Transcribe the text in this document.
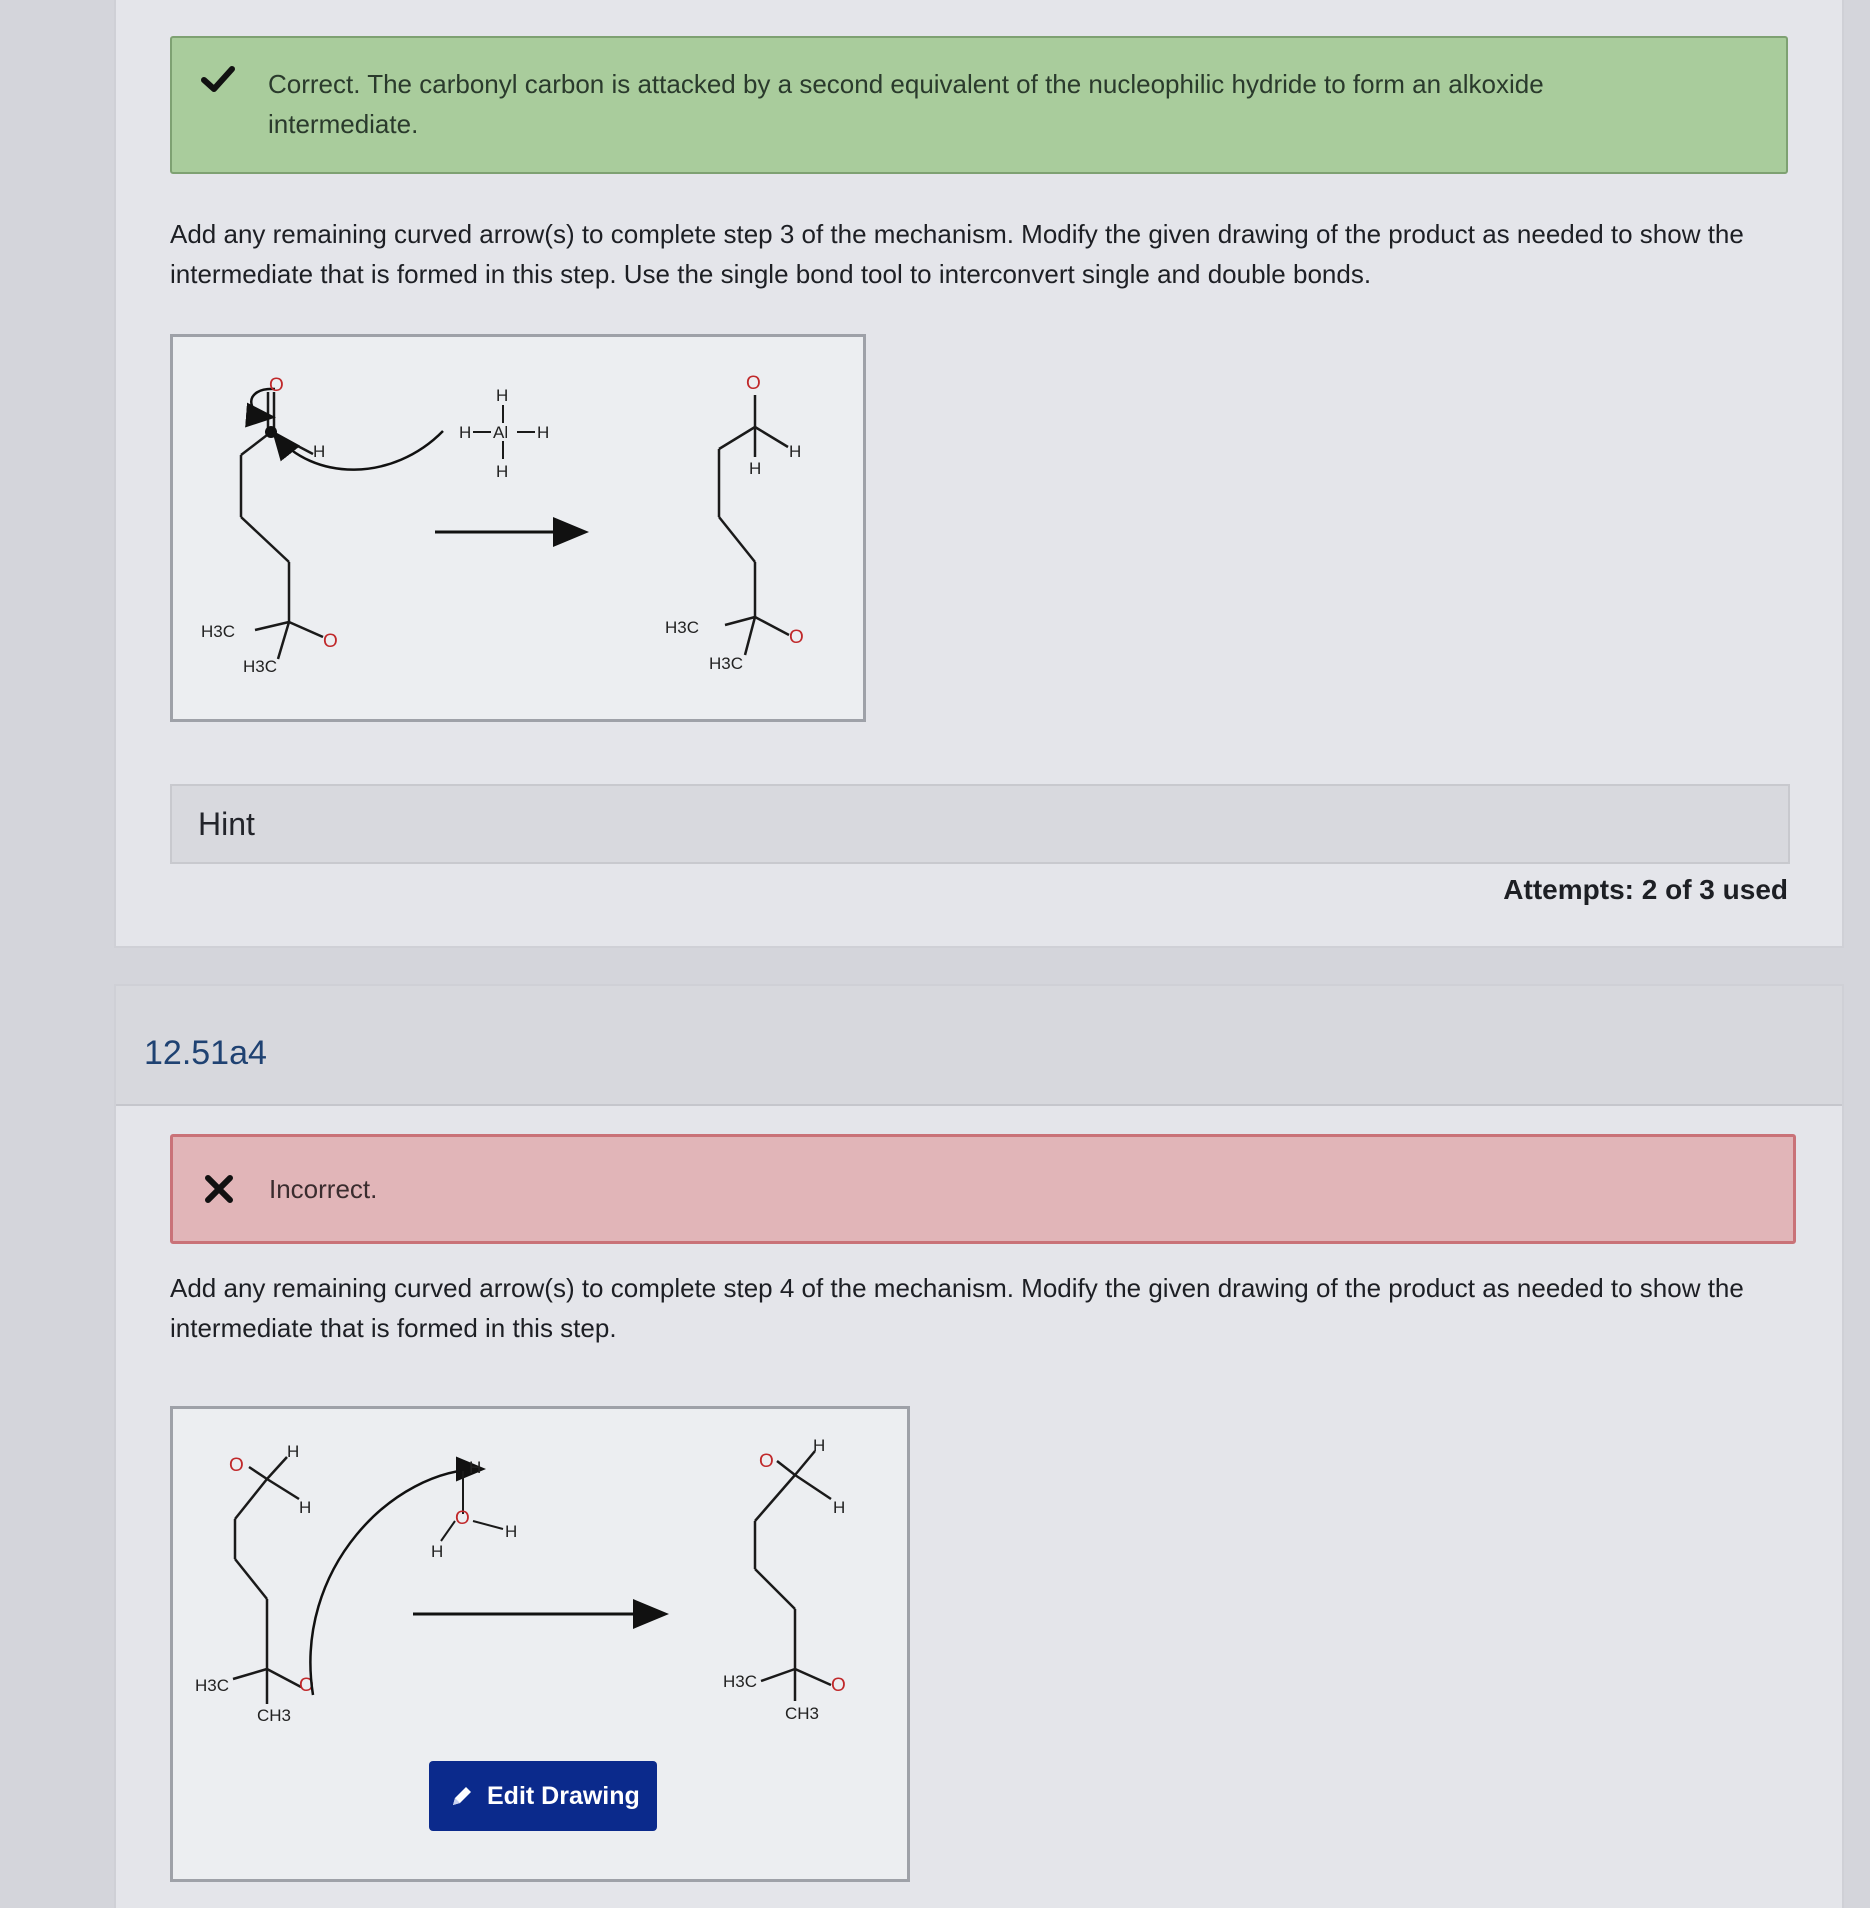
Correct. The carbonyl carbon is attacked by a second equivalent of the nucleophilic hydride to form an alkoxide intermediate.
Add any remaining curved arrow(s) to complete step 3 of the mechanism. Modify the given drawing of the product as needed to show the intermediate that is formed in this step. Use the single bond tool to interconvert single and double bonds.
O
H
H3C
H3C
O
H
Al
H	H
H
O
H
H
H3C
H3C
O
Hint
Attempts: 2 of 3 used
12.51a4
Incorrect.
Add any remaining curved arrow(s) to complete step 4 of the mechanism. Modify the given drawing of the product as needed to show the intermediate that is formed in this step.
O
H
H
H3C
CH3
O
H
O
H
H
O
H
H
H3C
CH3
O
Edit Drawing
